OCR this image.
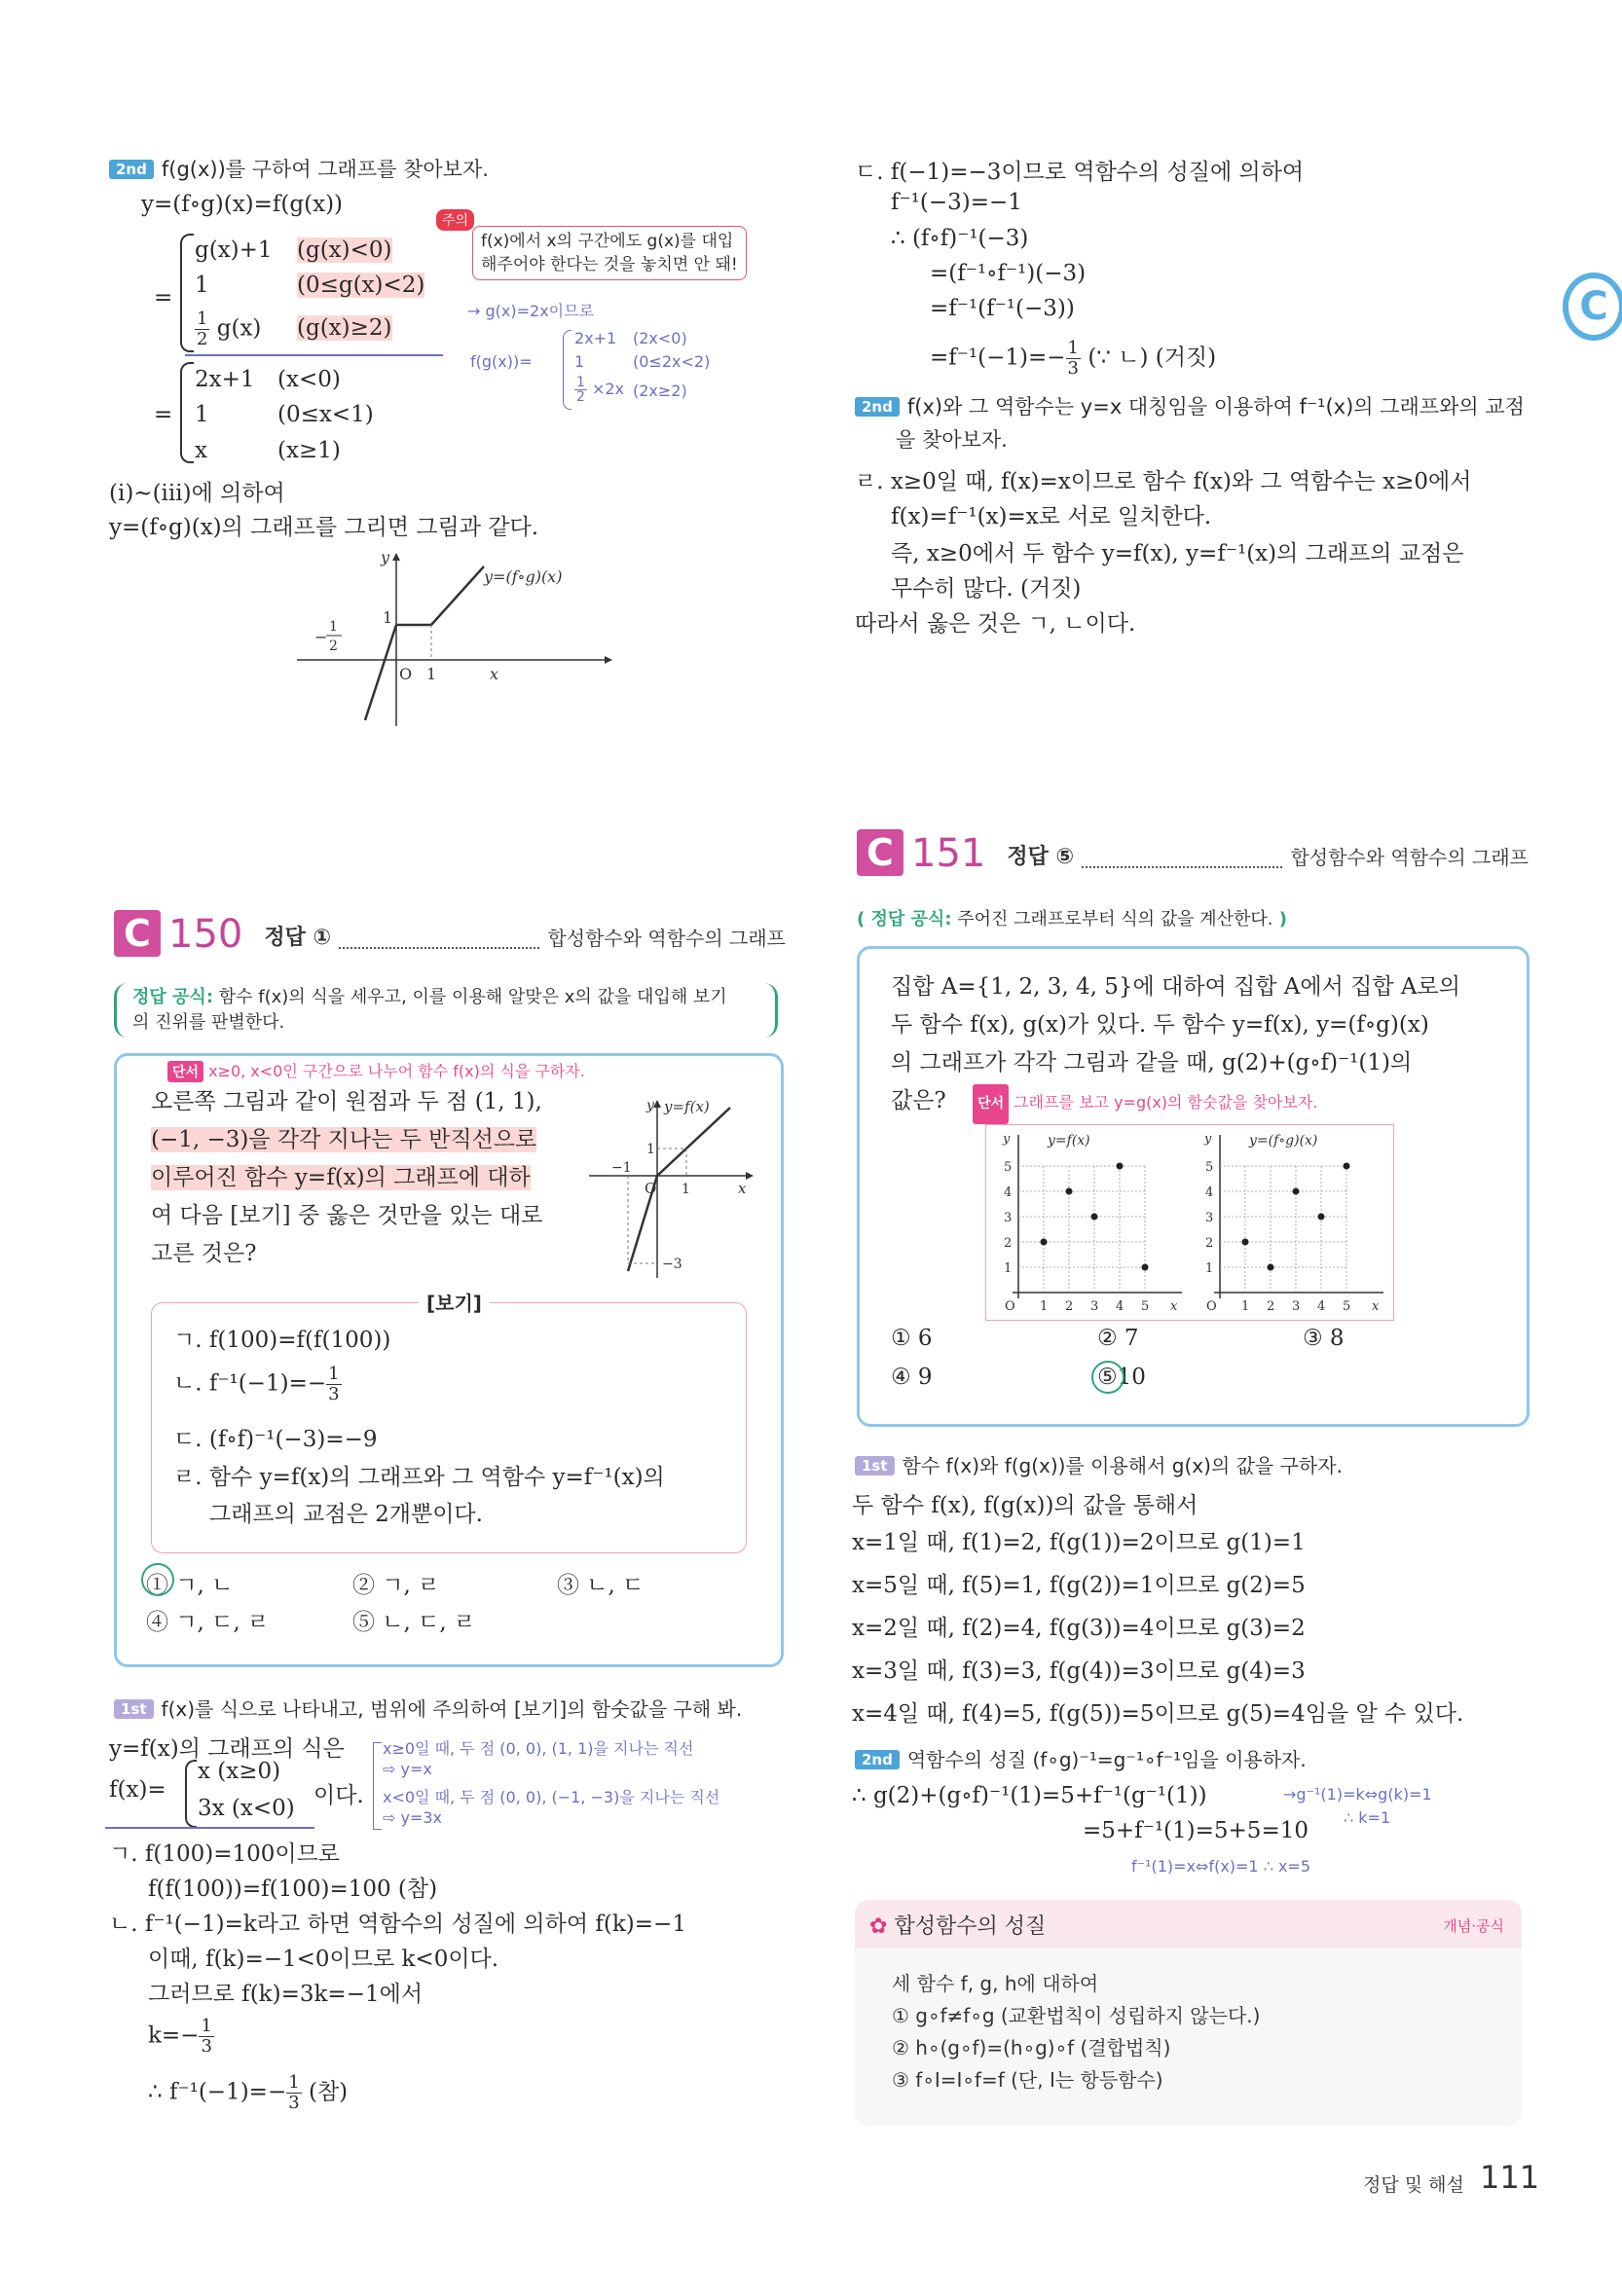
C
2nd f(g(x))를 구하여 그래프를 찾아보자.
y=(f∘g)(x)=f(g(x))
주의
f(x)에서 x의 구간에도 g(x)를 대입
해주어야 한다는 것을 놓치면 안 돼!
=
g(x)+1 (g(x)<0)
1	(0≤g(x)<2)
$\frac{1}{2} g(x)$ (g(x)≥2)
→ g(x)=2x이므로
f(g(x))=
2x+1 (2x<0)
1	(0≤2x<2)
$\frac{1}{2} \times 2x$ (2x≥2)
=
2x+1 (x<0)
1	(0≤x<1)
x	(x≥1)
(i)~(iii)에 의하여
y=(f∘g)(x)의 그래프를 그리면 그림과 같다.
y=(f∘g)(x)
y
x
O 1
1
−
1
2
ㄷ. f(−1)=−3이므로 역함수의 성질에 의하여
f⁻¹(−3)=−1
∴ (f∘f)⁻¹(−3)
=(f⁻¹∘f⁻¹)(−3)
=f⁻¹(f⁻¹(−3))
$=f^{-1}(-1)=- \frac{1}{3}$ (∵ ㄴ) (거짓)
2nd f(x)와 그 역함수는 y=x 대칭임을 이용하여 f⁻¹(x)의 그래프와의 교점
을 찾아보자.
ㄹ. x≥0일 때, f(x)=x이므로 함수 f(x)와 그 역함수는 x≥0에서
f(x)=f⁻¹(x)=x로 서로 일치한다.
즉, x≥0에서 두 함수 y=f(x), y=f⁻¹(x)의 그래프의 교점은
무수히 많다. (거짓)
따라서 옳은 것은 ㄱ, ㄴ이다.
C 150 정답 ①	합성함수와 역함수의 그래프
정답 공식: 함수 f(x)의 식을 세우고, 이를 이용해 알맞은 x의 값을 대입해 보기
의 진위를 판별한다.
단서 x≥0, x<0인 구간으로 나누어 함수 f(x)의 식을 구하자.
오른쪽 그림과 같이 원점과 두 점 (1, 1),
(−1, −3)을 각각 지나는 두 반직선으로
이루어진 함수 y=f(x)의 그래프에 대하
여 다음 [보기] 중 옳은 것만을 있는 대로
고른 것은?
y=f(x)
y
x
O 1
−1
1
−3
[보기]
ㄱ. f(100)=f(f(100))
ㄴ. $f^{-1}(-1)=- \frac{1}{3}$
ㄷ. (f∘f)⁻¹(−3)=−9
ㄹ. 함수 y=f(x)의 그래프와 그 역함수 y=f⁻¹(x)의
그래프의 교점은 2개뿐이다.
① ㄱ, ㄴ	② ㄱ, ㄹ	③ ㄴ, ㄷ
④ ㄱ, ㄷ, ㄹ	⑤ ㄴ, ㄷ, ㄹ
1st f(x)를 식으로 나타내고, 범위에 주의하여 [보기]의 함숫값을 구해 봐.
y=f(x)의 그래프의 식은
f(x)=
x (x≥0)
3x (x<0) 이다.
x≥0일 때, 두 점 (0, 0), (1, 1)을 지나는 직선
⇨ y=x
x<0일 때, 두 점 (0, 0), (−1, −3)을 지나는 직선
⇨ y=3x
ㄱ. f(100)=100이므로
f(f(100))=f(100)=100 (참)
ㄴ. f⁻¹(−1)=k라고 하면 역함수의 성질에 의하여 f(k)=−1
이때, f(k)=−1<0이므로 k<0이다.
그러므로 f(k)=3k=−1에서
$k=- \frac{1}{3}$
∴ $f^{-1}(-1)=- \frac{1}{3}$ (참)
C 151 정답 ⑤	합성함수와 역함수의 그래프
( 정답 공식: 주어진 그래프로부터 식의 값을 계산한다. )
집합 A={1, 2, 3, 4, 5}에 대하여 집합 A에서 집합 A로의
두 함수 f(x), g(x)가 있다. 두 함수 y=f(x), y=(f∘g)(x)
의 그래프가 각각 그림과 같을 때, g(2)+(g∘f)⁻¹(1)의
값은? 단서 그래프를 보고 y=g(x)의 함숫값을 찾아보자.
1
1
2
2
3
3
4
4
5
5
y=f(x)
y
x
O	1
1
2
2
3
3
4
4
5
5
y=(f∘g)(x)
y
x
O
① 6	② 7	③ 8
④ 9	⑤10
1st 함수 f(x)와 f(g(x))를 이용해서 g(x)의 값을 구하자.
두 함수 f(x), f(g(x))의 값을 통해서
x=1일 때, f(1)=2, f(g(1))=2이므로 g(1)=1
x=5일 때, f(5)=1, f(g(2))=1이므로 g(2)=5
x=2일 때, f(2)=4, f(g(3))=4이므로 g(3)=2
x=3일 때, f(3)=3, f(g(4))=3이므로 g(4)=3
x=4일 때, f(4)=5, f(g(5))=5이므로 g(5)=4임을 알 수 있다.
2nd 역함수의 성질 (f∘g)⁻¹=g⁻¹∘f⁻¹임을 이용하자.
∴ g(2)+(g∘f)⁻¹(1)=5+f⁻¹(g⁻¹(1))	→g⁻¹(1)=k⇔g(k)=1
∴ k=1
=5+f⁻¹(1)=5+5=10
f⁻¹(1)=x⇔f(x)=1 ∴ x=5
✿ 합성함수의 성질	개념·공식
세 함수 f, g, h에 대하여
① g∘f≠f∘g (교환법칙이 성립하지 않는다.)
② h∘(g∘f)=(h∘g)∘f (결합법칙)
③ f∘I=I∘f=f (단, I는 항등함수)
정답 및 해설 111
